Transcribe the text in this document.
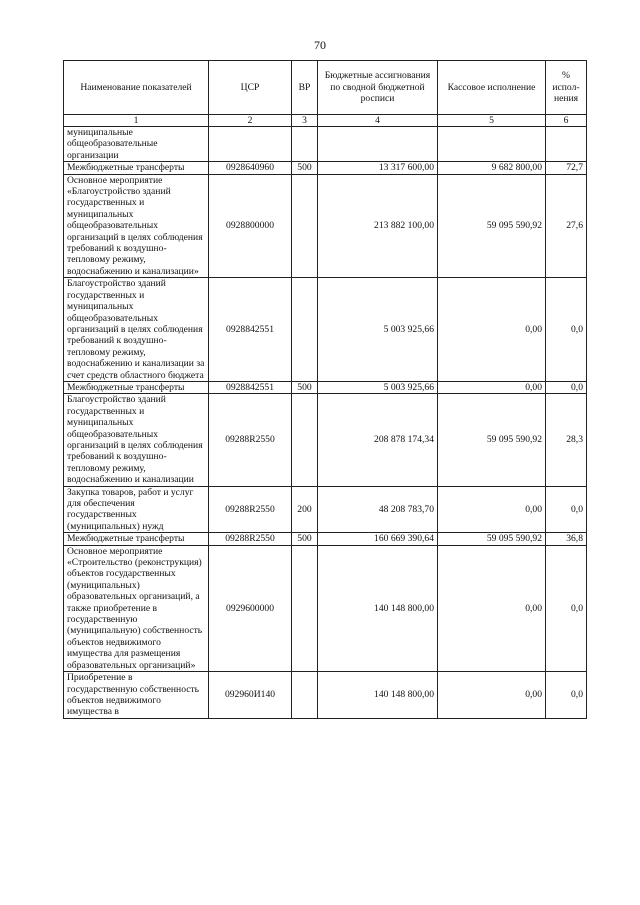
70
Наименование показателей	ЦСР	ВР	Бюджетные ассигнования по сводной бюджетной росписи	Кассовое исполнение	% испол-нения
1	2	3	4	5	6
муниципальные общеобразовательные организации					
Межбюджетные трансферты	0928640960	500	13 317 600,00	9 682 800,00	72,7
Основное мероприятие «Благоустройство зданий государственных и муниципальных общеобразовательных организаций в целях соблюдения требований к воздушно-тепловому режиму, водоснабжению и канализации»	0928800000		213 882 100,00	59 095 590,92	27,6
Благоустройство зданий государственных и муниципальных общеобразовательных организаций в целях соблюдения требований к воздушно-тепловому режиму, водоснабжению и канализации за счет средств областного бюджета	0928842551		5 003 925,66	0,00	0,0
Межбюджетные трансферты	0928842551	500	5 003 925,66	0,00	0,0
Благоустройство зданий государственных и муниципальных общеобразовательных организаций в целях соблюдения требований к воздушно-тепловому режиму, водоснабжению и канализации	09288R2550		208 878 174,34	59 095 590,92	28,3
Закупка товаров, работ и услуг для обеспечения государственных (муниципальных) нужд	09288R2550	200	48 208 783,70	0,00	0,0
Межбюджетные трансферты	09288R2550	500	160 669 390,64	59 095 590,92	36,8
Основное мероприятие «Строительство (реконструкция) объектов государственных (муниципальных) образовательных организаций, а также приобретение в государственную (муниципальную) собственность объектов недвижимого имущества для размещения образовательных организаций»	0929600000		140 148 800,00	0,00	0,0
Приобретение в государственную собственность объектов недвижимого имущества в	092960И140		140 148 800,00	0,00	0,0
